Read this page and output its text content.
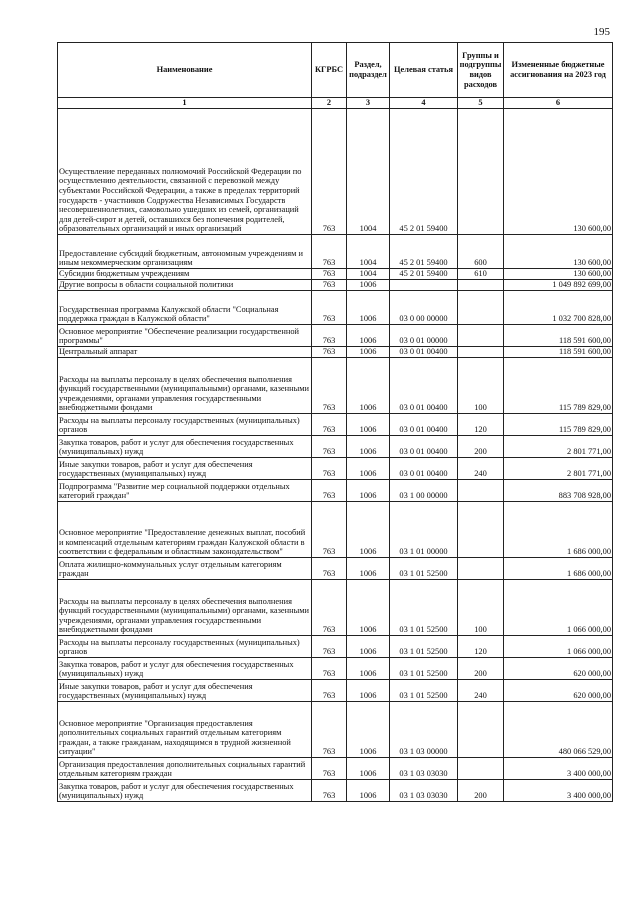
195
Наименование	КГРБС	Раздел, подраздел	Целевая статья	Группы и подгруппы видов расходов	Измененные бюджетные ассигнования на 2023 год
1	2	3	4	5	6
Осуществление переданных полномочий Российской Федерации по осуществлению деятельности, связанной с перевозкой между субъектами Российской Федерации, а также в пределах территорий государств - участников Содружества Независимых Государств несовершеннолетних, самовольно ушедших из семей, организаций для детей-сирот и детей, оставшихся без попечения родителей, образовательных организаций и иных организаций	763	1004	45 2 01 59400		130 600,00
Предоставление субсидий бюджетным, автономным учреждениям и иным некоммерческим организациям	763	1004	45 2 01 59400	600	130 600,00
Субсидии бюджетным учреждениям	763	1004	45 2 01 59400	610	130 600,00
Другие вопросы в области социальной политики	763	1006			1 049 892 699,00
Государственная программа Калужской области "Социальная поддержка граждан в Калужской области"	763	1006	03 0 00 00000		1 032 700 828,00
Основное мероприятие "Обеспечение реализации государственной программы"	763	1006	03 0 01 00000		118 591 600,00
Центральный аппарат	763	1006	03 0 01 00400		118 591 600,00
Расходы на выплаты персоналу в целях обеспечения выполнения функций государственными (муниципальными) органами, казенными учреждениями, органами управления государственными внебюджетными фондами	763	1006	03 0 01 00400	100	115 789 829,00
Расходы на выплаты персоналу государственных (муниципальных) органов	763	1006	03 0 01 00400	120	115 789 829,00
Закупка товаров, работ и услуг для обеспечения государственных (муниципальных) нужд	763	1006	03 0 01 00400	200	2 801 771,00
Иные закупки товаров, работ и услуг для обеспечения государственных (муниципальных) нужд	763	1006	03 0 01 00400	240	2 801 771,00
Подпрограмма "Развитие мер социальной поддержки отдельных категорий граждан"	763	1006	03 1 00 00000		883 708 928,00
Основное мероприятие "Предоставление денежных выплат, пособий и компенсаций отдельным категориям граждан Калужской области в соответствии с федеральным и областным законодательством"	763	1006	03 1 01 00000		1 686 000,00
Оплата жилищно-коммунальных услуг отдельным категориям граждан	763	1006	03 1 01 52500		1 686 000,00
Расходы на выплаты персоналу в целях обеспечения выполнения функций государственными (муниципальными) органами, казенными учреждениями, органами управления государственными внебюджетными фондами	763	1006	03 1 01 52500	100	1 066 000,00
Расходы на выплаты персоналу государственных (муниципальных) органов	763	1006	03 1 01 52500	120	1 066 000,00
Закупка товаров, работ и услуг для обеспечения государственных (муниципальных) нужд	763	1006	03 1 01 52500	200	620 000,00
Иные закупки товаров, работ и услуг для обеспечения государственных (муниципальных) нужд	763	1006	03 1 01 52500	240	620 000,00
Основное мероприятие "Организация предоставления дополнительных социальных гарантий отдельным категориям граждан, а также гражданам, находящимся в трудной жизненной ситуации"	763	1006	03 1 03 00000		480 066 529,00
Организация предоставления дополнительных социальных гарантий отдельным категориям граждан	763	1006	03 1 03 03030		3 400 000,00
Закупка товаров, работ и услуг для обеспечения государственных (муниципальных) нужд	763	1006	03 1 03 03030	200	3 400 000,00
